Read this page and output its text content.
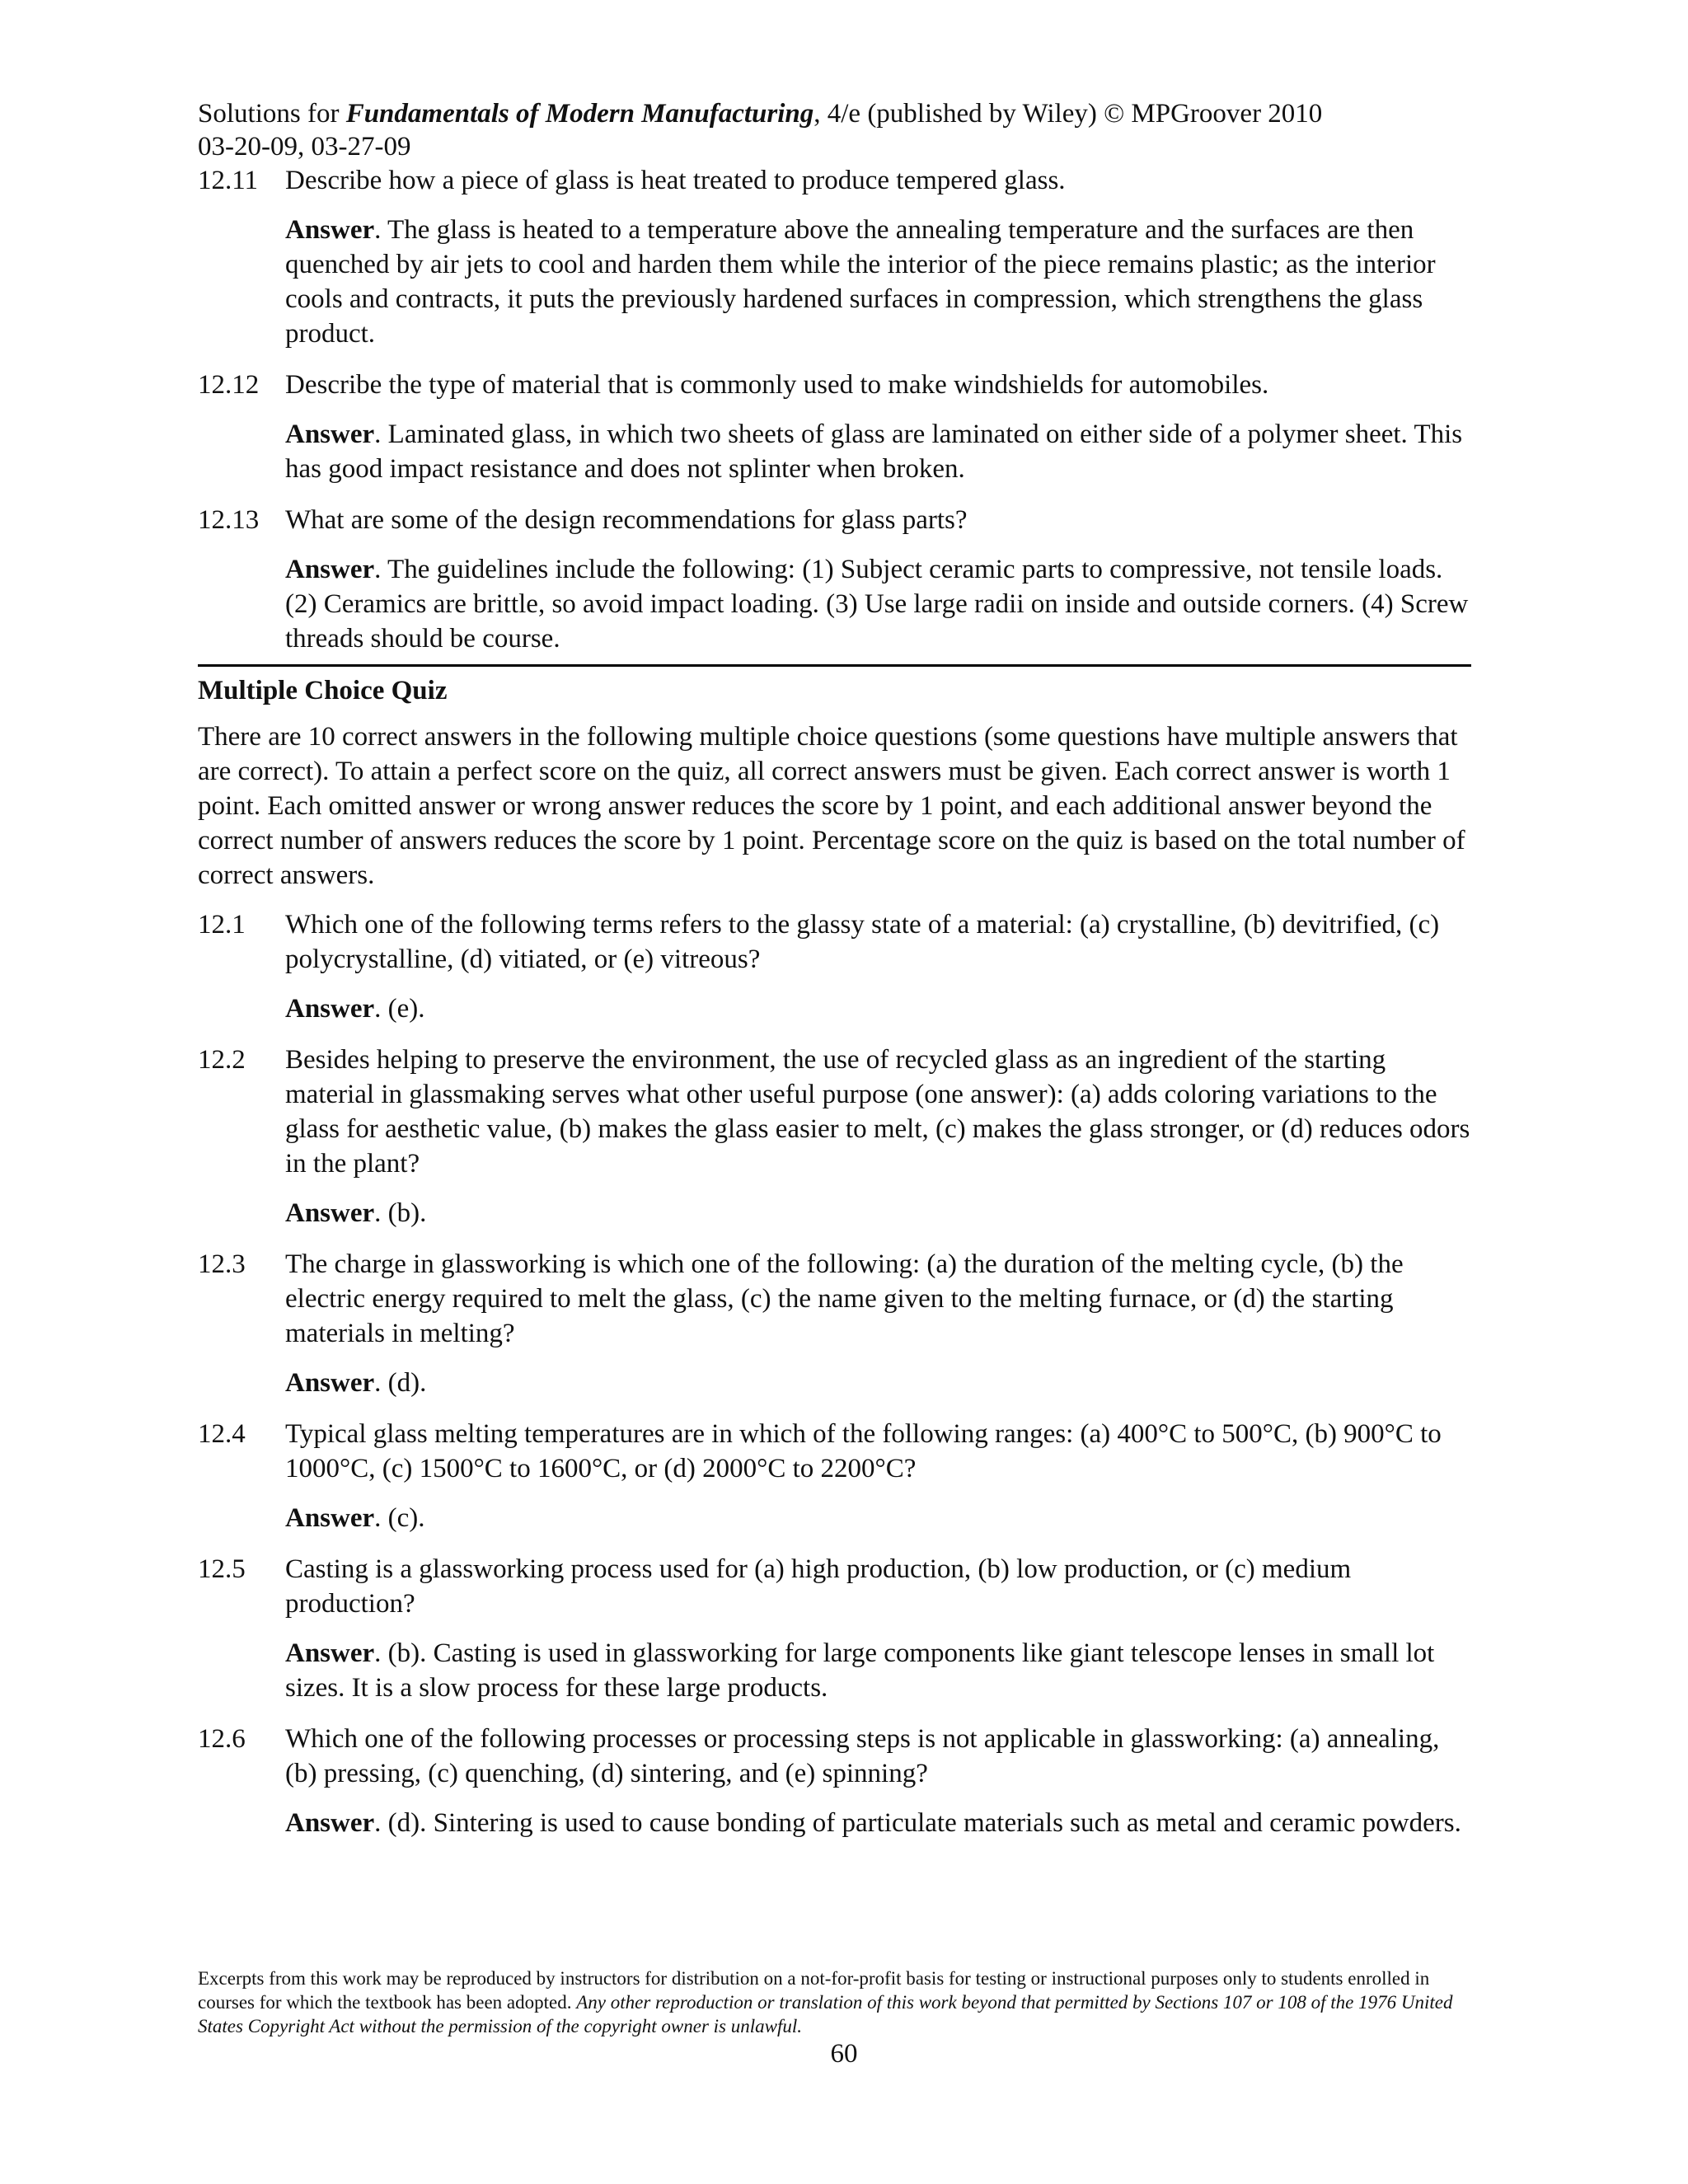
Solutions for Fundamentals of Modern Manufacturing, 4/e (published by Wiley) © MPGroover 2010
03-20-09, 03-27-09
12.11 Describe how a piece of glass is heat treated to produce tempered glass.
Answer. The glass is heated to a temperature above the annealing temperature and the surfaces are then quenched by air jets to cool and harden them while the interior of the piece remains plastic; as the interior cools and contracts, it puts the previously hardened surfaces in compression, which strengthens the glass product.
12.12 Describe the type of material that is commonly used to make windshields for automobiles.
Answer. Laminated glass, in which two sheets of glass are laminated on either side of a polymer sheet. This has good impact resistance and does not splinter when broken.
12.13 What are some of the design recommendations for glass parts?
Answer. The guidelines include the following: (1) Subject ceramic parts to compressive, not tensile loads. (2) Ceramics are brittle, so avoid impact loading. (3) Use large radii on inside and outside corners. (4) Screw threads should be course.
Multiple Choice Quiz
There are 10 correct answers in the following multiple choice questions (some questions have multiple answers that are correct). To attain a perfect score on the quiz, all correct answers must be given. Each correct answer is worth 1 point. Each omitted answer or wrong answer reduces the score by 1 point, and each additional answer beyond the correct number of answers reduces the score by 1 point. Percentage score on the quiz is based on the total number of correct answers.
12.1 Which one of the following terms refers to the glassy state of a material: (a) crystalline, (b) devitrified, (c) polycrystalline, (d) vitiated, or (e) vitreous?
Answer. (e).
12.2 Besides helping to preserve the environment, the use of recycled glass as an ingredient of the starting material in glassmaking serves what other useful purpose (one answer): (a) adds coloring variations to the glass for aesthetic value, (b) makes the glass easier to melt, (c) makes the glass stronger, or (d) reduces odors in the plant?
Answer. (b).
12.3 The charge in glassworking is which one of the following: (a) the duration of the melting cycle, (b) the electric energy required to melt the glass, (c) the name given to the melting furnace, or (d) the starting materials in melting?
Answer. (d).
12.4 Typical glass melting temperatures are in which of the following ranges: (a) 400°C to 500°C, (b) 900°C to 1000°C, (c) 1500°C to 1600°C, or (d) 2000°C to 2200°C?
Answer. (c).
12.5 Casting is a glassworking process used for (a) high production, (b) low production, or (c) medium production?
Answer. (b). Casting is used in glassworking for large components like giant telescope lenses in small lot sizes. It is a slow process for these large products.
12.6 Which one of the following processes or processing steps is not applicable in glassworking: (a) annealing, (b) pressing, (c) quenching, (d) sintering, and (e) spinning?
Answer. (d). Sintering is used to cause bonding of particulate materials such as metal and ceramic powders.
Excerpts from this work may be reproduced by instructors for distribution on a not-for-profit basis for testing or instructional purposes only to students enrolled in courses for which the textbook has been adopted. Any other reproduction or translation of this work beyond that permitted by Sections 107 or 108 of the 1976 United States Copyright Act without the permission of the copyright owner is unlawful.
60
